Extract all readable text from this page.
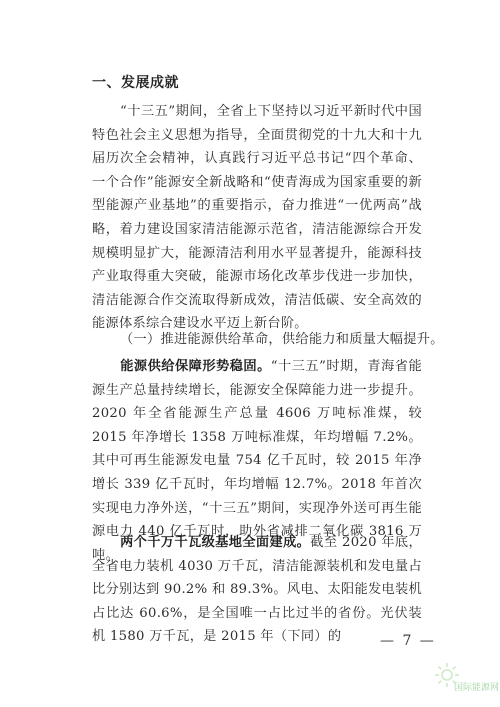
一、发展成就

“十三五”期间，全省上下坚持以习近平新时代中国特色社会主义思想为指导，全面贯彻党的十九大和十九届历次全会精神，认真践行习近平总书记“四个革命、一个合作”能源安全新战略和“使青海成为国家重要的新型能源产业基地”的重要指示，奋力推进“一优两高”战略，着力建设国家清洁能源示范省，清洁能源综合开发规模明显扩大，能源清洁利用水平显著提升，能源科技产业取得重大突破，能源市场化改革步伐进一步加快，清洁能源合作交流取得新成效，清洁低碳、安全高效的能源体系综合建设水平迈上新台阶。

（一）推进能源供给革命，供给能力和质量大幅提升。

能源供给保障形势稳固。“十三五”时期，青海省能源生产总量持续增长，能源安全保障能力进一步提升。2020 年全省能源生产总量 4606 万吨标准煤，较 2015 年净增长 1358 万吨标准煤，年均增幅 7.2%。其中可再生能源发电量 754 亿千瓦时，较 2015 年净增长 339 亿千瓦时，年均增幅 12.7%。2018 年首次实现电力净外送，“十三五”期间，实现净外送可再生能源电力 440 亿千瓦时，助外省减排二氧化碳 3816 万吨。

两个千万千瓦级基地全面建成。截至 2020 年底，全省电力装机 4030 万千瓦，清洁能源装机和发电量占比分别达到 90.2% 和 89.3%。风电、太阳能发电装机占比达 60.6%，是全国唯一占比过半的省份。光伏装机 1580 万千瓦，是 2015 年（下同）的	— 7 —
国际能源网
